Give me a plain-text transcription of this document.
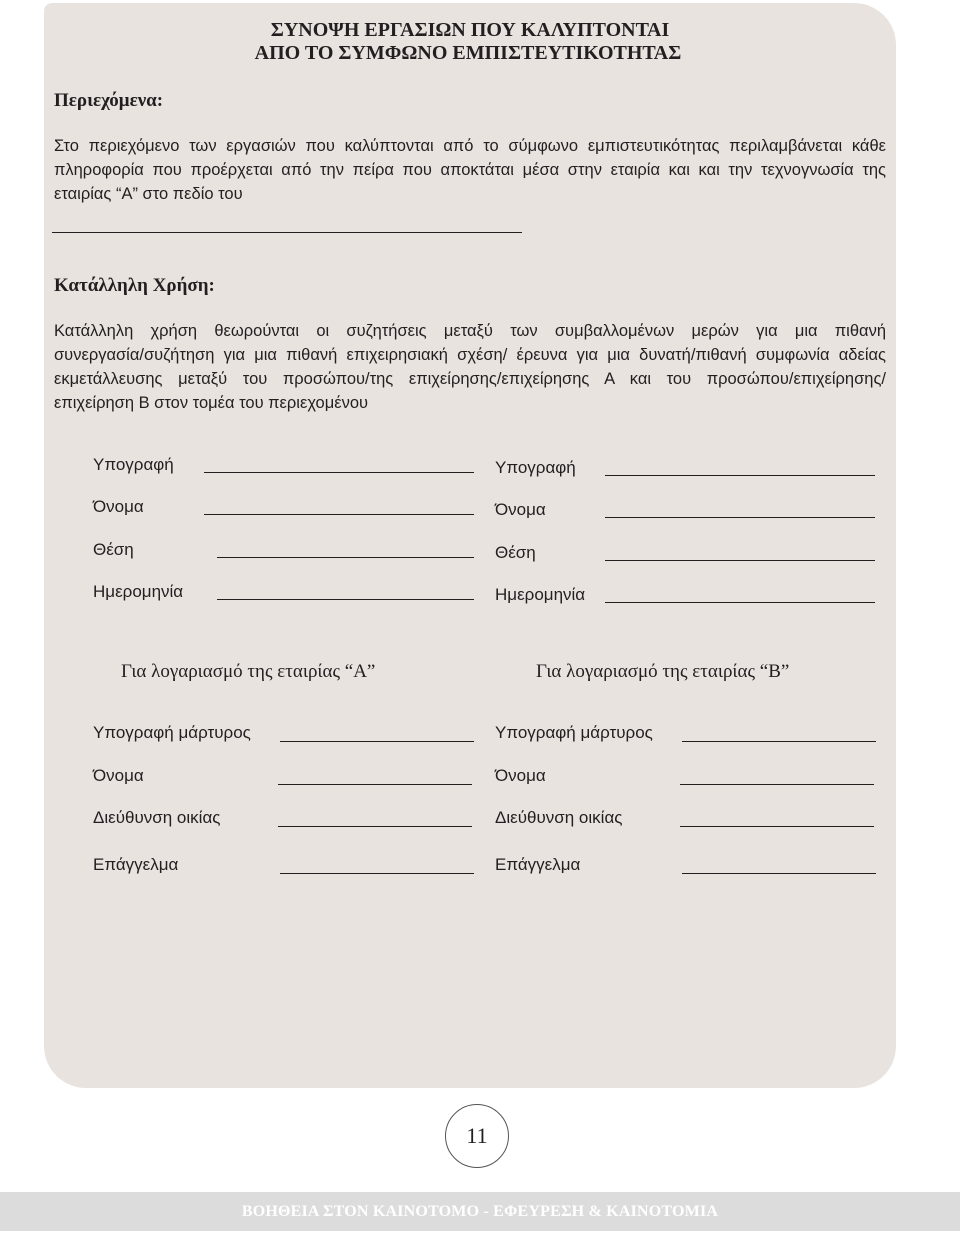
ΣΥΝΟΨΗ ΕΡΓΑΣΙΩΝ ΠΟΥ ΚΑΛΥΠΤΟΝΤΑΙ
ΑΠΟ ΤΟ ΣΥΜΦΩΝΟ ΕΜΠΙΣΤΕΥΤΙΚΟΤΗΤΑΣ
Περιεχόμενα:
Στο περιεχόμενο των εργασιών που καλύπτονται από το σύμφωνο εμπιστευτικότητας περιλαμβάνεται κάθε
πληροφορία που προέρχεται από την πείρα που αποκτάται μέσα στην εταιρία και και την τεχνογνωσία της
εταιρίας “Α” στο πεδίο του
Κατάλληλη Χρήση:
Κατάλληλη χρήση θεωρούνται οι συζητήσεις μεταξύ των συμβαλλομένων μερών για μια πιθανή
συνεργασία/συζήτηση για μια πιθανή επιχειρησιακή σχέση/ έρευνα για μια δυνατή/πιθανή συμφωνία αδείας
εκμετάλλευσης μεταξύ του προσώπου/της επιχείρησης/επιχείρησης Α και του προσώπου/επιχείρησης/
επιχείρηση Β στον τομέα του περιεχομένου
Υπογραφή
Όνομα
Θέση
Ημερομηνία
Υπογραφή
Όνομα
Θέση
Ημερομηνία
Για λογαριασμό της εταιρίας “Α”	Για λογαριασμό της εταιρίας “Β”
Υπογραφή μάρτυρος
Όνομα
Διεύθυνση οικίας
Επάγγελμα
Υπογραφή μάρτυρος
Όνομα
Διεύθυνση οικίας
Επάγγελμα
11
ΒΟΗΘΕΙΑ ΣΤΟΝ ΚΑΙΝΟΤΟΜΟ - ΕΦΕΥΡΕΣΗ & ΚΑΙΝΟΤΟΜΙΑ
